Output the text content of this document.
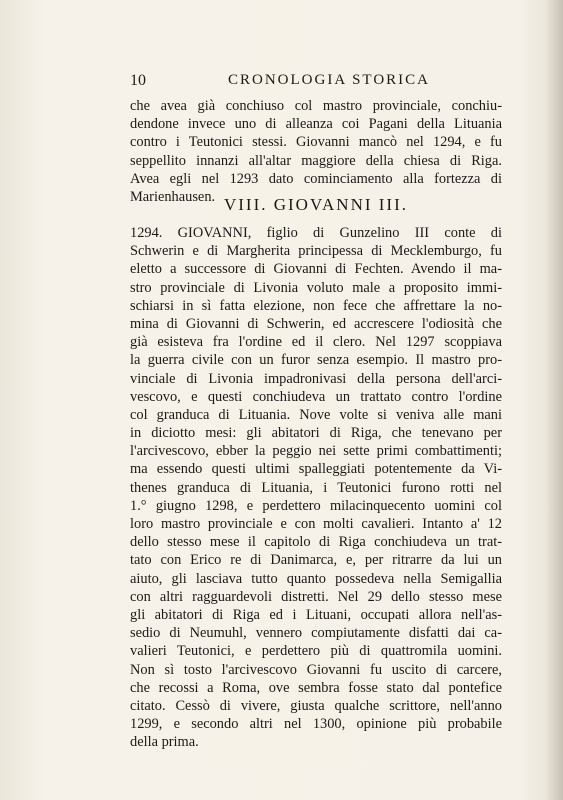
10	CRONOLOGIA STORICA
che avea già conchiuso col mastro provinciale, conchiu-
dendone invece uno di alleanza coi Pagani della Lituania
contro i Teutonici stessi. Giovanni mancò nel 1294, e fu
seppellito innanzi all'altar maggiore della chiesa di Riga.
Avea egli nel 1293 dato cominciamento alla fortezza di
Marienhausen. VIII. GIOVANNI III.
1294. GIOVANNI, figlio di Gunzelino III conte di
Schwerin e di Margherita principessa di Mecklemburgo, fu
eletto a successore di Giovanni di Fechten. Avendo il ma-
stro provinciale di Livonia voluto male a proposito immi-
schiarsi in sì fatta elezione, non fece che affrettare la no-
mina di Giovanni di Schwerin, ed accrescere l'odiosità che
già esisteva fra l'ordine ed il clero. Nel 1297 scoppiava
la guerra civile con un furor senza esempio. Il mastro pro-
vinciale di Livonia impadronivasi della persona dell'arci-
vescovo, e questi conchiudeva un trattato contro l'ordine
col granduca di Lituania. Nove volte si veniva alle mani
in diciotto mesi: gli abitatori di Riga, che tenevano per
l'arcivescovo, ebber la peggio nei sette primi combattimenti;
ma essendo questi ultimi spalleggiati potentemente da Vi-
thenes granduca di Lituania, i Teutonici furono rotti nel
1.° giugno 1298, e perdettero milacinquecento uomini col
loro mastro provinciale e con molti cavalieri. Intanto a' 12
dello stesso mese il capitolo di Riga conchiudeva un trat-
tato con Erico re di Danimarca, e, per ritrarre da lui un
aiuto, gli lasciava tutto quanto possedeva nella Semigallia
con altri ragguardevoli distretti. Nel 29 dello stesso mese
gli abitatori di Riga ed i Lituani, occupati allora nell'as-
sedio di Neumuhl, vennero compiutamente disfatti dai ca-
valieri Teutonici, e perdettero più di quattromila uomini.
Non sì tosto l'arcivescovo Giovanni fu uscito di carcere,
che recossi a Roma, ove sembra fosse stato dal pontefice
citato. Cessò di vivere, giusta qualche scrittore, nell'anno
1299, e secondo altri nel 1300, opinione più probabile
della prima.
